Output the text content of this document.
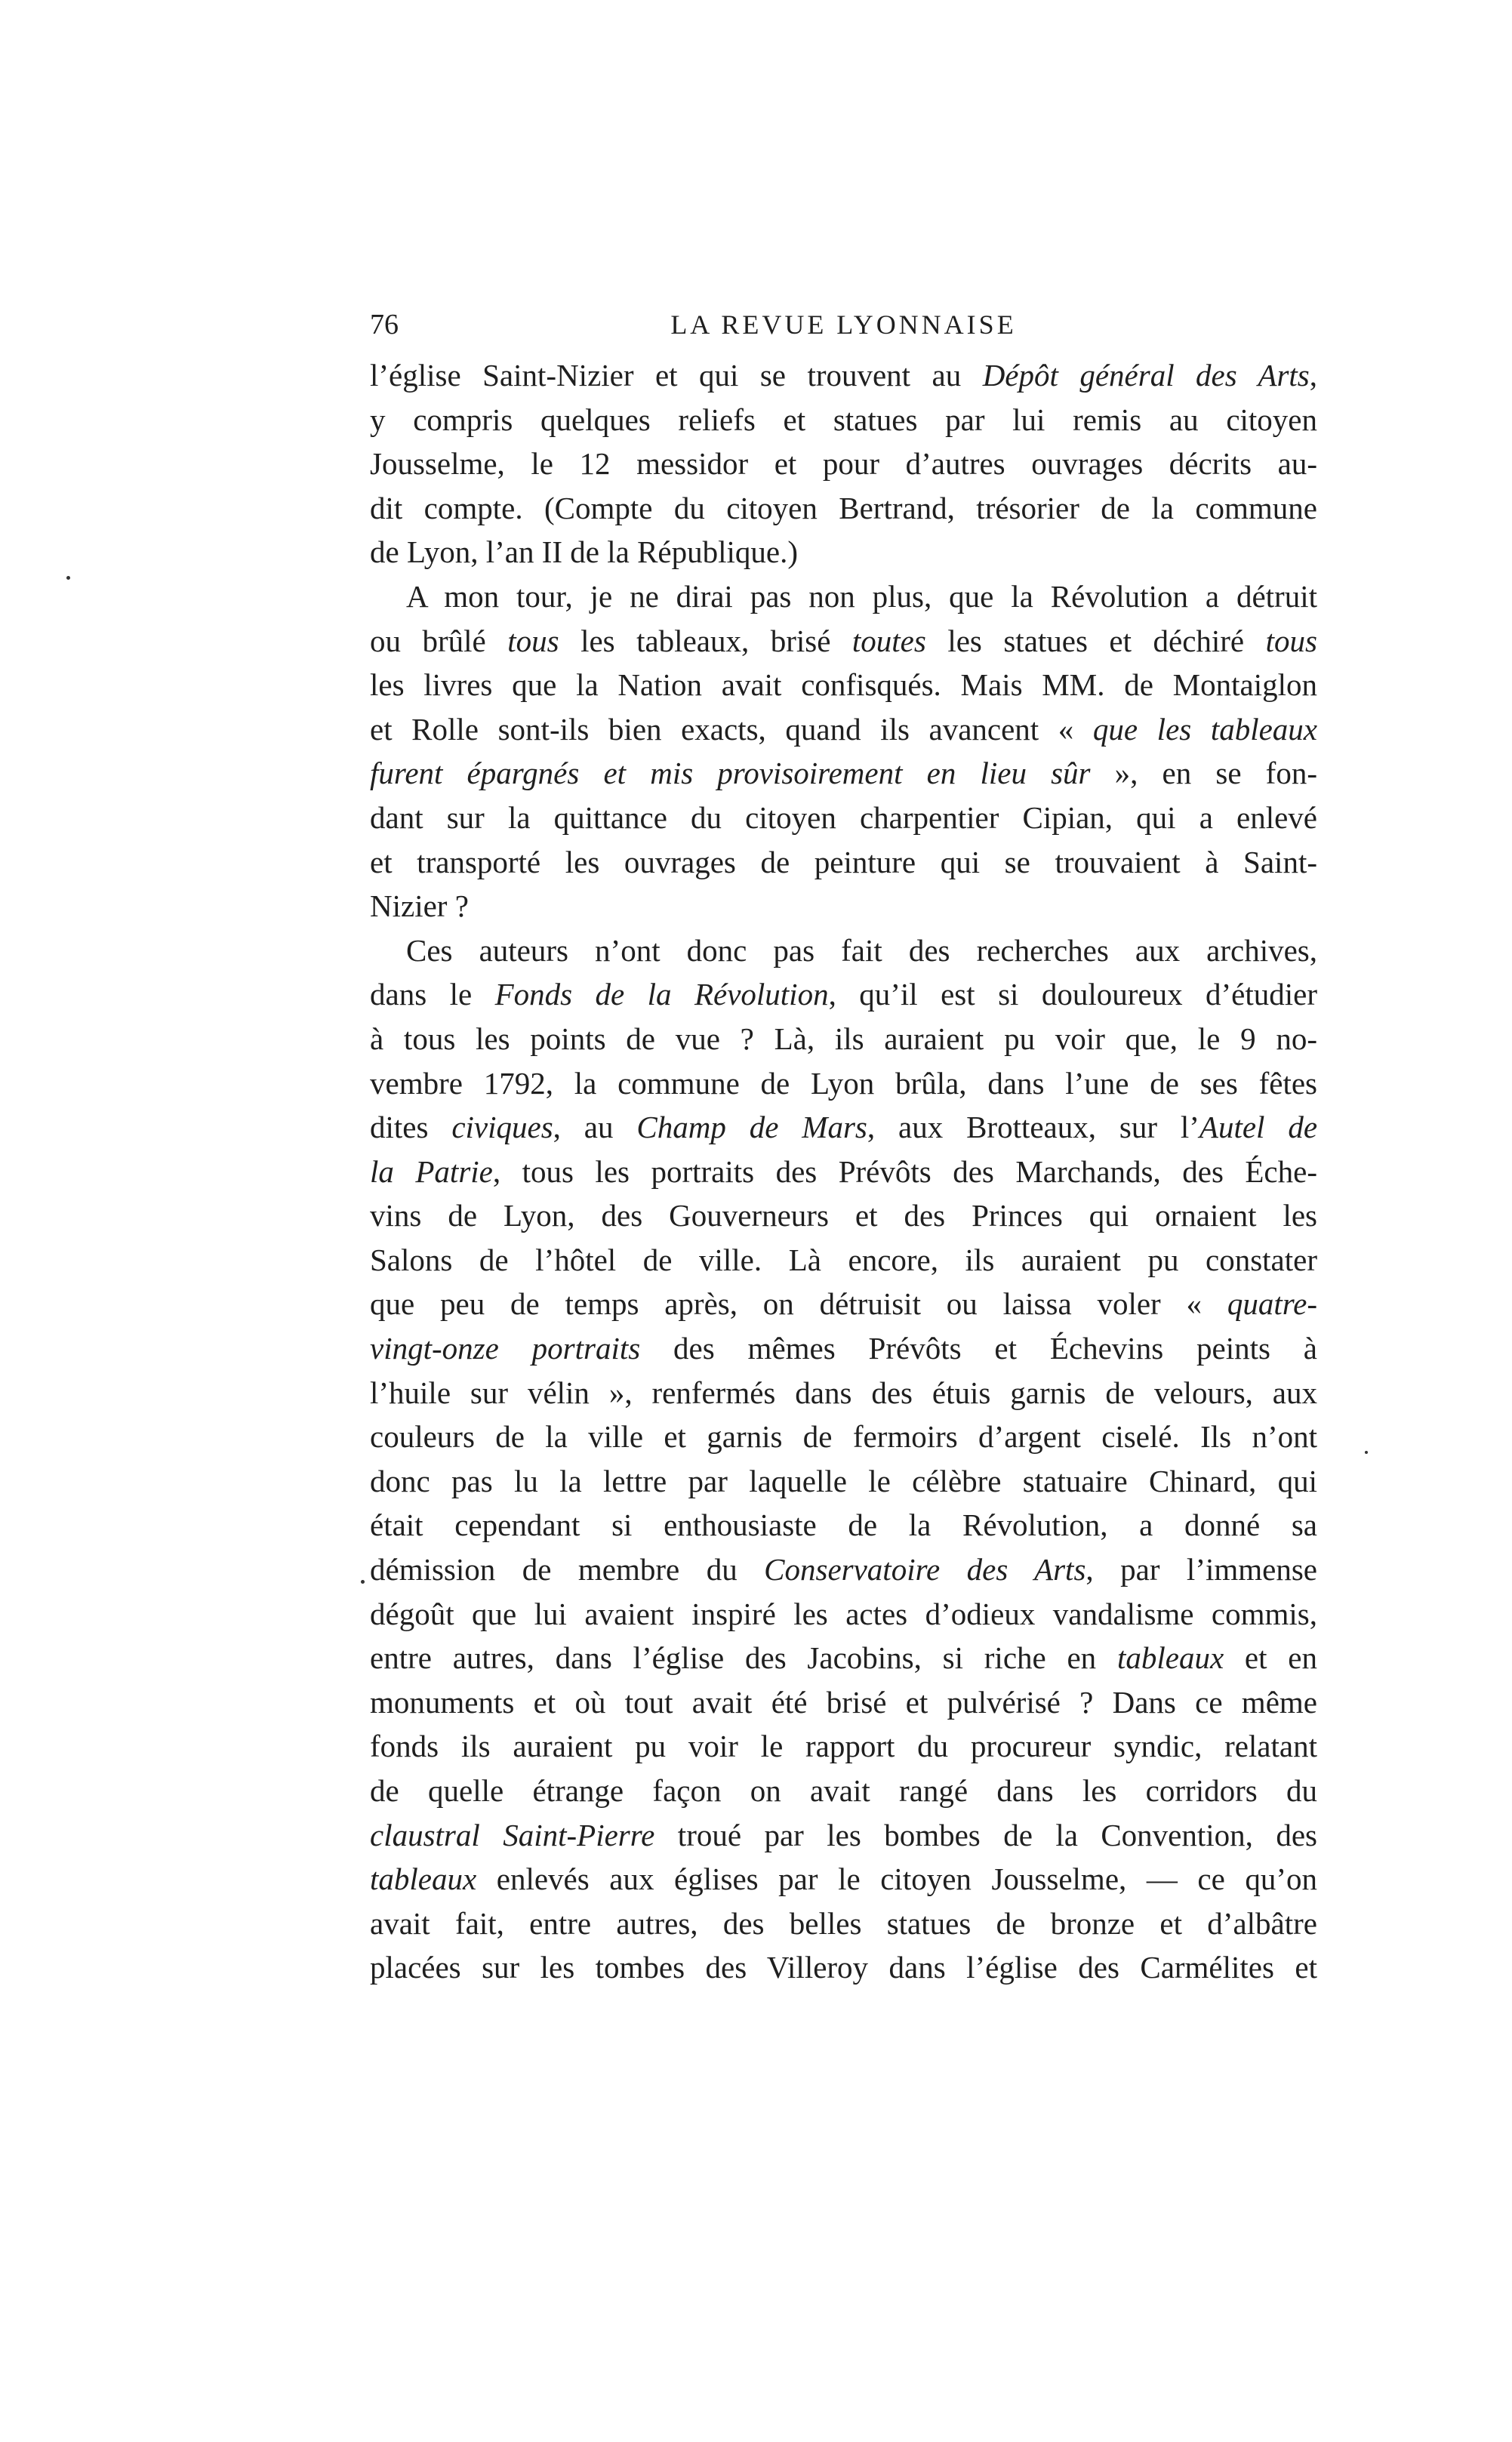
76	LA REVUE LYONNAISE
l’église Saint-Nizier et qui se trouvent au Dépôt général des Arts,
y compris quelques reliefs et statues par lui remis au citoyen
Jousselme, le 12 messidor et pour d’autres ouvrages décrits au-
dit compte. (Compte du citoyen Bertrand, trésorier de la commune
de Lyon, l’an II de la République.)
A mon tour, je ne dirai pas non plus, que la Révolution a détruit
ou brûlé tous les tableaux, brisé toutes les statues et déchiré tous
les livres que la Nation avait confisqués. Mais MM. de Montaiglon
et Rolle sont-ils bien exacts, quand ils avancent « que les tableaux
furent épargnés et mis provisoirement en lieu sûr », en se fon-
dant sur la quittance du citoyen charpentier Cipian, qui a enlevé
et transporté les ouvrages de peinture qui se trouvaient à Saint-
Nizier ?
Ces auteurs n’ont donc pas fait des recherches aux archives,
dans le Fonds de la Révolution, qu’il est si douloureux d’étudier
à tous les points de vue ? Là, ils auraient pu voir que, le 9 no-
vembre 1792, la commune de Lyon brûla, dans l’une de ses fêtes
dites civiques, au Champ de Mars, aux Brotteaux, sur l’Autel de
la Patrie, tous les portraits des Prévôts des Marchands, des Éche-
vins de Lyon, des Gouverneurs et des Princes qui ornaient les
Salons de l’hôtel de ville. Là encore, ils auraient pu constater
que peu de temps après, on détruisit ou laissa voler « quatre-
vingt-onze portraits des mêmes Prévôts et Échevins peints à
l’huile sur vélin », renfermés dans des étuis garnis de velours, aux
couleurs de la ville et garnis de fermoirs d’argent ciselé. Ils n’ont
donc pas lu la lettre par laquelle le célèbre statuaire Chinard, qui
était cependant si enthousiaste de la Révolution, a donné sa
démission de membre du Conservatoire des Arts, par l’immense
dégoût que lui avaient inspiré les actes d’odieux vandalisme commis,
entre autres, dans l’église des Jacobins, si riche en tableaux et en
monuments et où tout avait été brisé et pulvérisé ? Dans ce même
fonds ils auraient pu voir le rapport du procureur syndic, relatant
de quelle étrange façon on avait rangé dans les corridors du
claustral Saint-Pierre troué par les bombes de la Convention, des
tableaux enlevés aux églises par le citoyen Jousselme, — ce qu’on
avait fait, entre autres, des belles statues de bronze et d’albâtre
placées sur les tombes des Villeroy dans l’église des Carmélites et
